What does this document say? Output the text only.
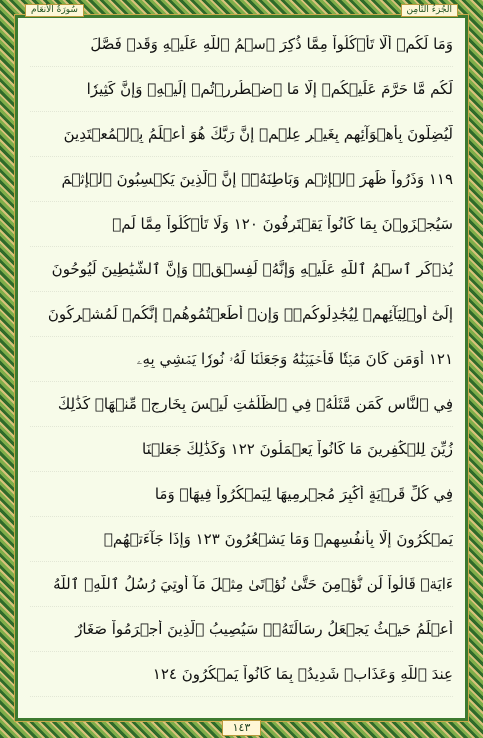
سُورَةُ الأَنعَام	الجُزءُ الثّامِن
وَمَا لَكُمۡ أَلَّا تَأۡكُلُواْ مِمَّا ذُكِرَ ٱسۡمُ ٱللَّهِ عَلَيۡهِ وَقَدۡ فَصَّلَ
لَكُم مَّا حَرَّمَ عَلَيۡكُمۡ إِلَّا مَا ٱضۡطُرِرۡتُمۡ إِلَيۡهِۗ وَإِنَّ كَثِيرٗا
لَّيُضِلُّونَ بِأَهۡوَآئِهِم بِغَيۡرِ عِلۡمٍۚ إِنَّ رَبَّكَ هُوَ أَعۡلَمُ بِٱلۡمُعۡتَدِينَ
١١٩ وَذَرُواْ ظَٰهِرَ ٱلۡإِثۡمِ وَبَاطِنَهُۥٓۚ إِنَّ ٱلَّذِينَ يَكۡسِبُونَ ٱلۡإِثۡمَ
سَيُجۡزَوۡنَ بِمَا كَانُواْ يَقۡتَرِفُونَ ١٢٠ وَلَا تَأۡكُلُواْ مِمَّا لَمۡ
يُذۡكَرِ ٱسۡمُ ٱللَّهِ عَلَيۡهِ وَإِنَّهُۥ لَفِسۡقٞۗ وَإِنَّ ٱلشَّيَٰطِينَ لَيُوحُونَ
إِلَىٰٓ أَوۡلِيَآئِهِمۡ لِيُجَٰدِلُوكُمۡۖ وَإِنۡ أَطَعۡتُمُوهُمۡ إِنَّكُمۡ لَمُشۡرِكُونَ
١٢١ أَوَمَن كَانَ مَيۡتٗا فَأَحۡيَيۡنَٰهُ وَجَعَلۡنَا لَهُۥ نُورٗا يَمۡشِي بِهِۦ
فِي ٱلنَّاسِ كَمَن مَّثَلُهُۥ فِي ٱلظُّلُمَٰتِ لَيۡسَ بِخَارِجٖ مِّنۡهَاۚ كَذَٰلِكَ
زُيِّنَ لِلۡكَٰفِرِينَ مَا كَانُواْ يَعۡمَلُونَ ١٢٢ وَكَذَٰلِكَ جَعَلۡنَا
فِي كُلِّ قَرۡيَةٍ أَكَٰبِرَ مُجۡرِمِيهَا لِيَمۡكُرُواْ فِيهَاۖ وَمَا
يَمۡكُرُونَ إِلَّا بِأَنفُسِهِمۡ وَمَا يَشۡعُرُونَ ١٢٣ وَإِذَا جَآءَتۡهُمۡ
ءَايَةٞ قَالُواْ لَن نُّؤۡمِنَ حَتَّىٰ نُؤۡتَىٰ مِثۡلَ مَآ أُوتِيَ رُسُلُ ٱللَّهِۘ ٱللَّهُ
أَعۡلَمُ حَيۡثُ يَجۡعَلُ رِسَالَتَهُۥۗ سَيُصِيبُ ٱلَّذِينَ أَجۡرَمُواْ صَغَارٌ
عِندَ ٱللَّهِ وَعَذَابٞ شَدِيدُۢ بِمَا كَانُواْ يَمۡكُرُونَ ١٢٤
١٤٣
